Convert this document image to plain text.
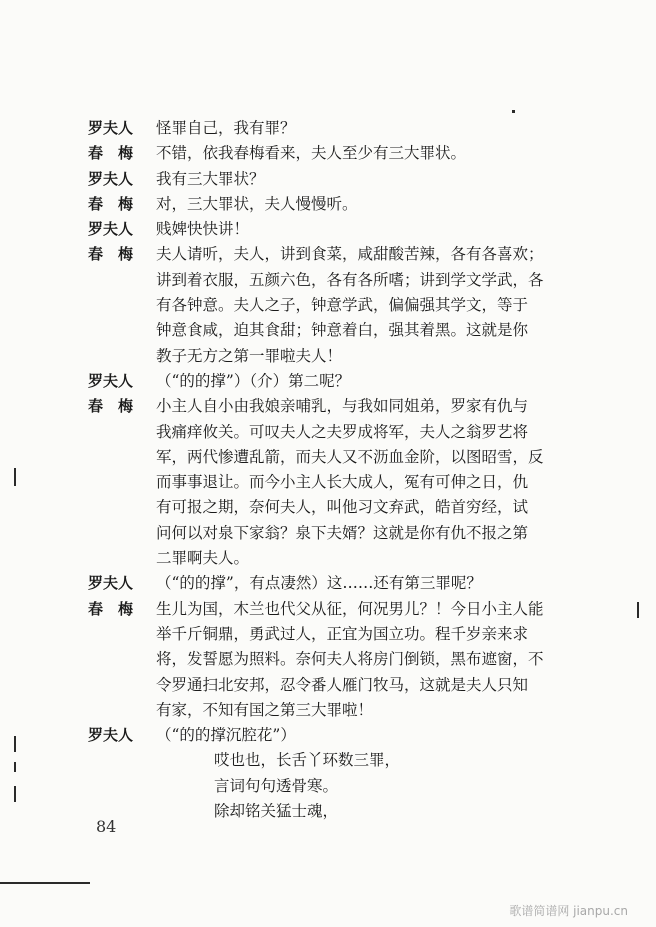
罗夫人	怪罪自己，我有罪？
春　梅	不错，依我春梅看来，夫人至少有三大罪状。
罗夫人	我有三大罪状？
春　梅	对，三大罪状，夫人慢慢听。
罗夫人	贱婢快快讲！
春　梅	夫人请听，夫人，讲到食菜，咸甜酸苦辣，各有各喜欢；
讲到着衣服，五颜六色，各有各所嗜；讲到学文学武，各
有各钟意。夫人之子，钟意学武，偏偏强其学文，等于
钟意食咸，迫其食甜；钟意着白，强其着黑。这就是你
教子无方之第一罪啦夫人！
罗夫人	（“的的撑”）（介）第二呢？
春　梅	小主人自小由我娘亲哺乳，与我如同姐弟，罗家有仇与
我痛痒攸关。可叹夫人之夫罗成将军，夫人之翁罗艺将
军，两代惨遭乱箭，而夫人又不沥血金阶，以图昭雪，反
而事事退让。而今小主人长大成人，冤有可伸之日，仇
有可报之期，奈何夫人，叫他习文弃武，皓首穷经，试
问何以对泉下家翁？泉下夫婿？这就是你有仇不报之第
二罪啊夫人。
罗夫人	（“的的撑”，有点凄然）这……还有第三罪呢？
春　梅	生儿为国，木兰也代父从征，何况男儿？！今日小主人能
举千斤铜鼎，勇武过人，正宜为国立功。程千岁亲来求
将，发誓愿为照料。奈何夫人将房门倒锁，黑布遮窗，不
令罗通扫北安邦，忍令番人雁门牧马，这就是夫人只知
有家，不知有国之第三大罪啦！
罗夫人	（“的的撑沉腔花”）
哎也也，长舌丫环数三罪，
言词句句透骨寒。
除却铭关猛士魂，
84
歌谱简谱网 jianpu.cn
